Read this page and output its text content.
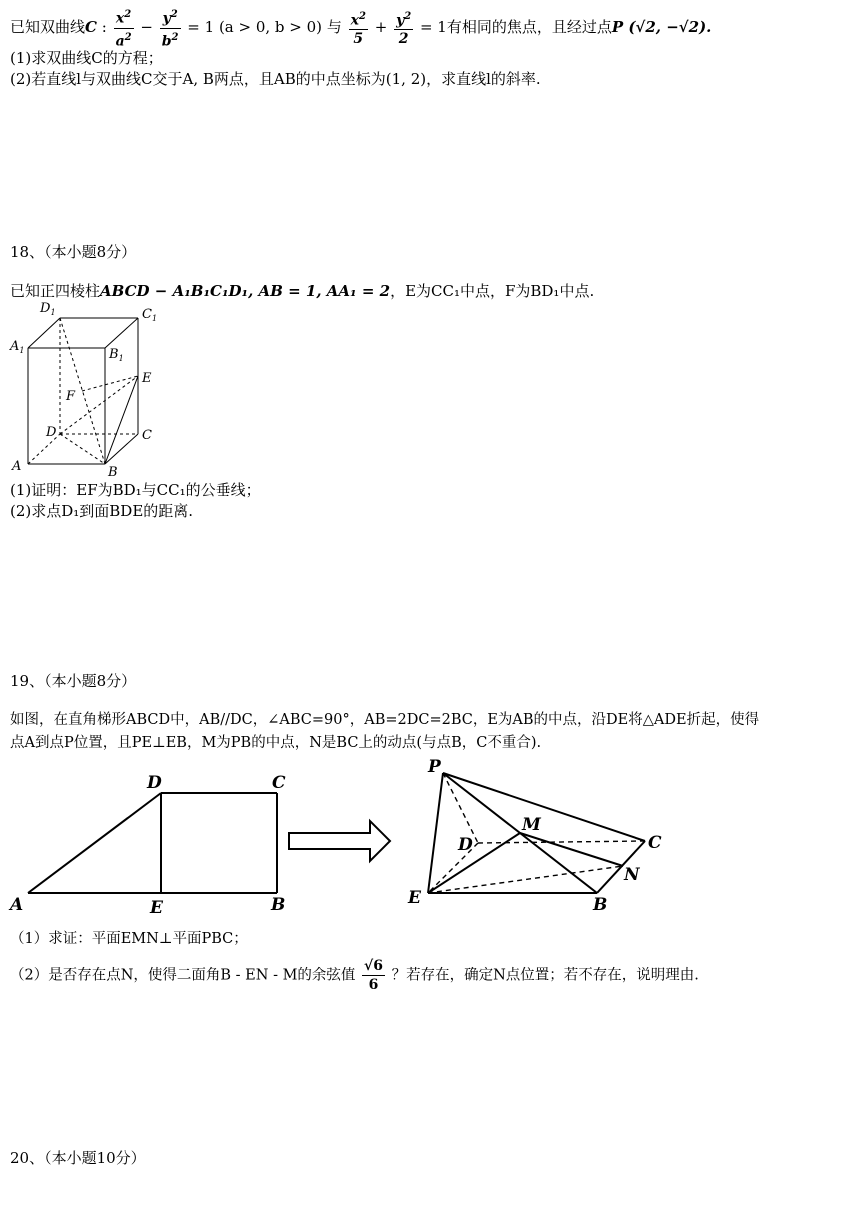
已知双曲线C : $\frac{x^2}{a^2} - \frac{y^2}{b^2} = 1$ (a > 0, b > 0) 与 $\frac{x^2}{5} + \frac{y^2}{2} = 1$有相同的焦点，且经过点P (√2, −√2).
(1)求双曲线C的方程；
(2)若直线l与双曲线C交于A, B两点，且AB的中点坐标为(1, 2)，求直线l的斜率.
18、（本小题8分）
已知正四棱柱ABCD − A₁B₁C₁D₁, AB = 1, AA₁ = 2，E为CC₁中点，F为BD₁中点.
$D_1$	$C_1$
$A_1$	$B_1$
E
F
D	C
A	B
(1)证明：EF为BD₁与CC₁的公垂线；
(2)求点D₁到面BDE的距离.
19、（本小题8分）
如图，在直角梯形ABCD中，AB//DC，∠ABC=90°，AB=2DC=2BC，E为AB的中点，沿DE将△ADE折起，使得
点A到点P位置，且PE⊥EB，M为PB的中点，N是BC上的动点(与点B，C不重合).
D	C
A	E	B
P
M
D	C
N
E	B
（1）求证：平面EMN⊥平面PBC；
（2）是否存在点N，使得二面角B - EN - M的余弦值 $\frac{√6}{6}$ ？若存在，确定N点位置；若不存在，说明理由.
20、（本小题10分）
